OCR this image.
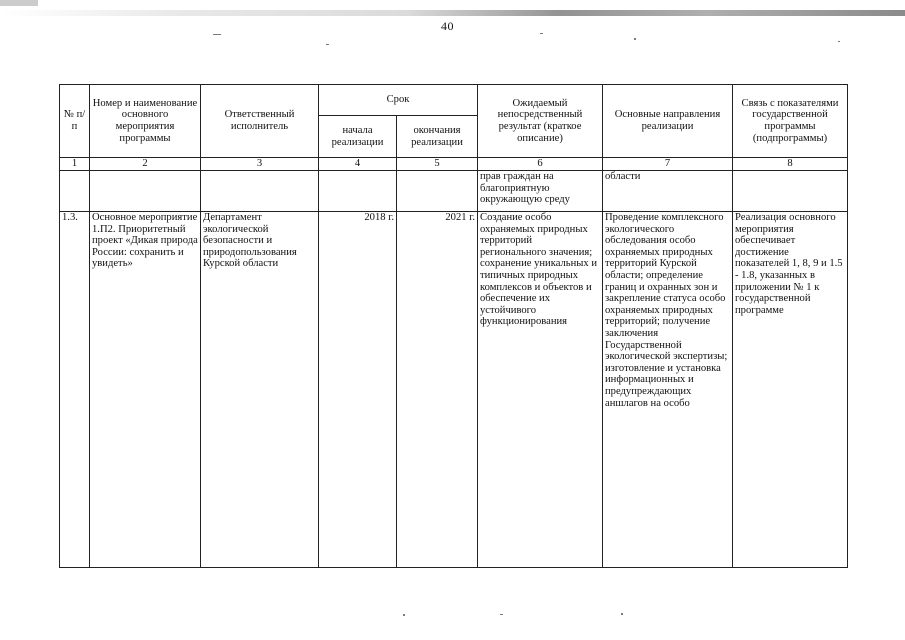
40
№ п/п	Номер и наименование основного мероприятия программы	Ответственный исполнитель	Срок		Ожидаемый непосредственный результат (краткое описание)	Основные направления реализации	Связь с показателями государственной программы (подпрограммы)
			начала реализации	окончания реализации			
1	2	3	4	5	6	7	8

					прав граждан на благоприятную окружающую среду	области	

1.3.	Основное мероприятие 1.П2. Приоритетный проект «Дикая природа России: сохранить и увидеть»	Департамент экологической безопасности и природопользования Курской области	2018 г.	2021 г.	Создание особо охраняемых природных территорий регионального значения; сохранение уникальных и типичных природных комплексов и объектов и обеспечение их устойчивого функционирования	Проведение комплексного экологического обследования особо охраняемых природных территорий Курской области; определение границ и охранных зон и закрепление статуса особо охраняемых природных территорий; получение заключения Государственной экологической экспертизы; изготовление и установка информационных и предупреждающих аншлагов на особо	Реализация основного мероприятия обеспечивает достижение показателей 1, 8, 9 и 1.5 - 1.8, указанных в приложении № 1 к государственной программе
